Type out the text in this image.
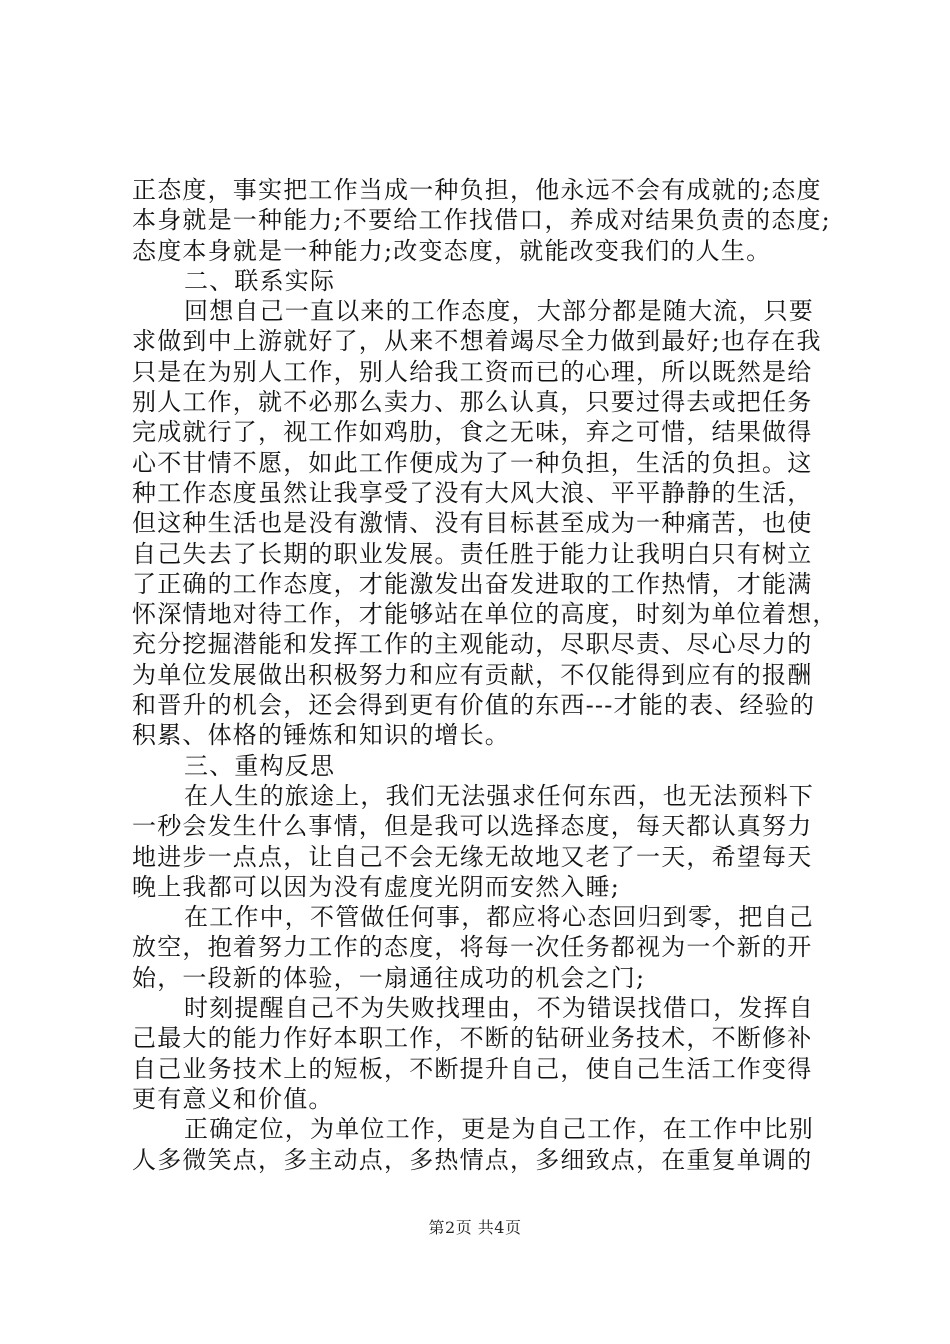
正态度，事实把工作当成一种负担，他永远不会有成就的;态度
本身就是一种能力;不要给工作找借口，养成对结果负责的态度;
态度本身就是一种能力;改变态度，就能改变我们的人生。
二、联系实际
回想自己一直以来的工作态度，大部分都是随大流，只要
求做到中上游就好了，从来不想着竭尽全力做到最好;也存在我
只是在为别人工作，别人给我工资而已的心理，所以既然是给
别人工作，就不必那么卖力、那么认真，只要过得去或把任务
完成就行了，视工作如鸡肋，食之无味，弃之可惜，结果做得
心不甘情不愿，如此工作便成为了一种负担，生活的负担。这
种工作态度虽然让我享受了没有大风大浪、平平静静的生活，
但这种生活也是没有激情、没有目标甚至成为一种痛苦，也使
自己失去了长期的职业发展。责任胜于能力让我明白只有树立
了正确的工作态度，才能激发出奋发进取的工作热情，才能满
怀深情地对待工作，才能够站在单位的高度，时刻为单位着想，
充分挖掘潜能和发挥工作的主观能动，尽职尽责、尽心尽力的
为单位发展做出积极努力和应有贡献，不仅能得到应有的报酬
和晋升的机会，还会得到更有价值的东西---才能的表、经验的
积累、体格的锤炼和知识的增长。
三、重构反思
在人生的旅途上，我们无法强求任何东西，也无法预料下
一秒会发生什么事情，但是我可以选择态度，每天都认真努力
地进步一点点，让自己不会无缘无故地又老了一天，希望每天
晚上我都可以因为没有虚度光阴而安然入睡;
在工作中，不管做任何事，都应将心态回归到零，把自己
放空，抱着努力工作的态度，将每一次任务都视为一个新的开
始，一段新的体验，一扇通往成功的机会之门;
时刻提醒自己不为失败找理由，不为错误找借口，发挥自
己最大的能力作好本职工作，不断的钻研业务技术，不断修补
自己业务技术上的短板，不断提升自己，使自己生活工作变得
更有意义和价值。
正确定位，为单位工作，更是为自己工作，在工作中比别
人多微笑点，多主动点，多热情点，多细致点，在重复单调的
第2页 共4页
